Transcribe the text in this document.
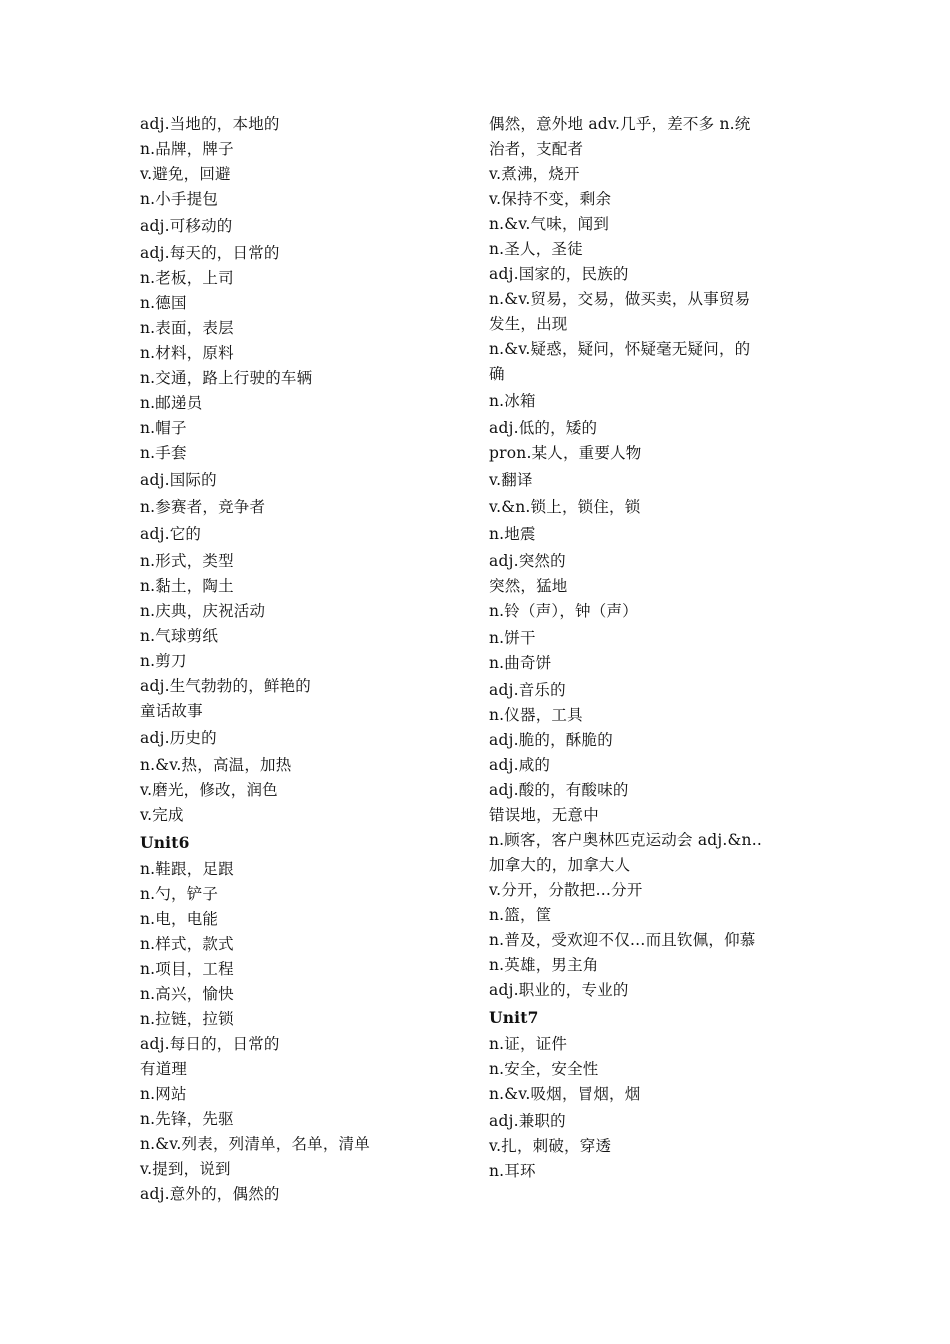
adj.当地的，本地的
n.品牌，牌子
v.避免，回避
n.小手提包
adj.可移动的
adj.每天的，日常的
n.老板，上司
n.德国
n.表面，表层
n.材料，原料
n.交通，路上行驶的车辆
n.邮递员
n.帽子
n.手套
adj.国际的
n.参赛者，竞争者
adj.它的
n.形式，类型
n.黏土，陶土
n.庆典，庆祝活动
n.气球剪纸
n.剪刀
adj.生气勃勃的，鲜艳的
童话故事
adj.历史的
n.&v.热，高温，加热
v.磨光，修改，润色
v.完成
Unit6
n.鞋跟，足跟
n.勺，铲子
n.电，电能
n.样式，款式
n.项目，工程
n.高兴，愉快
n.拉链，拉锁
adj.每日的，日常的
有道理
n.网站
n.先锋，先驱
n.&v.列表，列清单，名单，清单
v.提到，说到
adj.意外的，偶然的
偶然，意外地 adv.几乎，差不多 n.统
治者，支配者
v.煮沸，烧开
v.保持不变，剩余
n.&v.气味，闻到
n.圣人，圣徒
adj.国家的，民族的
n.&v.贸易，交易，做买卖，从事贸易
发生，出现
n.&v.疑惑，疑问，怀疑毫无疑问，的
确
n.冰箱
adj.低的，矮的
pron.某人，重要人物
v.翻译
v.&n.锁上，锁住，锁
n.地震
adj.突然的
突然，猛地
n.铃（声），钟（声）
n.饼干
n.曲奇饼
adj.音乐的
n.仪器，工具
adj.脆的，酥脆的
adj.咸的
adj.酸的，有酸味的
错误地，无意中
n.顾客，客户奥林匹克运动会 adj.&n..
加拿大的，加拿大人
v.分开，分散把…分开
n.篮，筐
n.普及，受欢迎不仅…而且钦佩，仰慕
n.英雄，男主角
adj.职业的，专业的
Unit7
n.证，证件
n.安全，安全性
n.&v.吸烟，冒烟，烟
adj.兼职的
v.扎，刺破，穿透
n.耳环
